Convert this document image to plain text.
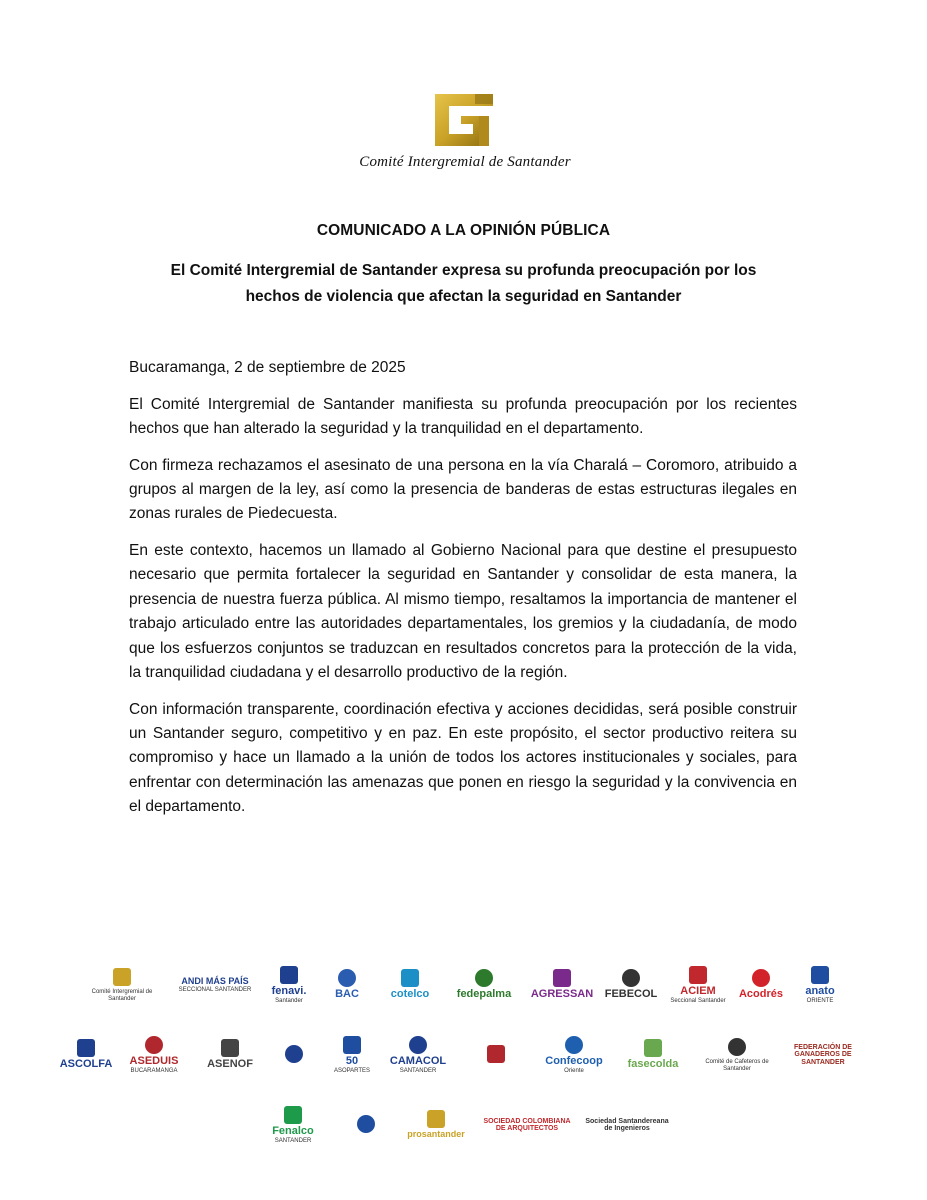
Comité Intergremial de Santander
COMUNICADO A LA OPINIÓN PÚBLICA
El Comité Intergremial de Santander expresa su profunda preocupación por los
hechos de violencia que afectan la seguridad en Santander

Bucaramanga, 2 de septiembre de 2025

El Comité Intergremial de Santander manifiesta su profunda preocupación por los recientes hechos que han alterado la seguridad y la tranquilidad en el departamento.

Con firmeza rechazamos el asesinato de una persona en la vía Charalá – Coromoro, atribuido a grupos al margen de la ley, así como la presencia de banderas de estas estructuras ilegales en zonas rurales de Piedecuesta.

En este contexto, hacemos un llamado al Gobierno Nacional para que destine el presupuesto necesario que permita fortalecer la seguridad en Santander y consolidar de esta manera, la presencia de nuestra fuerza pública. Al mismo tiempo, resaltamos la importancia de mantener el trabajo articulado entre las autoridades departamentales, los gremios y la ciudadanía, de modo que los esfuerzos conjuntos se traduzcan en resultados concretos para la protección de la vida, la tranquilidad ciudadana y el desarrollo productivo de la región.

Con información transparente, coordinación efectiva y acciones decididas, será posible construir un Santander seguro, competitivo y en paz. En este propósito, el sector productivo reitera su compromiso y hace un llamado a la unión de todos los actores institucionales y sociales, para enfrentar con determinación las amenazas que ponen en riesgo la seguridad y la convivencia en el departamento.

Comité Intergremial de Santander
ANDI MÁS PAÍS
SECCIONAL SANTANDER fenavi.
Santander
BAC	cotelco	fedepalma AGRESSAN FEBECOL ACIEM
Seccional Santander
Acodrés anato
ORIENTE
ASCOLFA ASEDUIS
BUCARAMANGA
ASENOF	50
ASOPARTES
CAMACOL
SANTANDER
Confecoop
Oriente
fasecolda	Comité de Cafeteros de Santander
FEDERACIÓN DE GANADEROS DE SANTANDER
Fenalco
SANTANDER
prosantander
SOCIEDAD COLOMBIANA DE ARQUITECTOS
Sociedad Santandereana de Ingenieros
